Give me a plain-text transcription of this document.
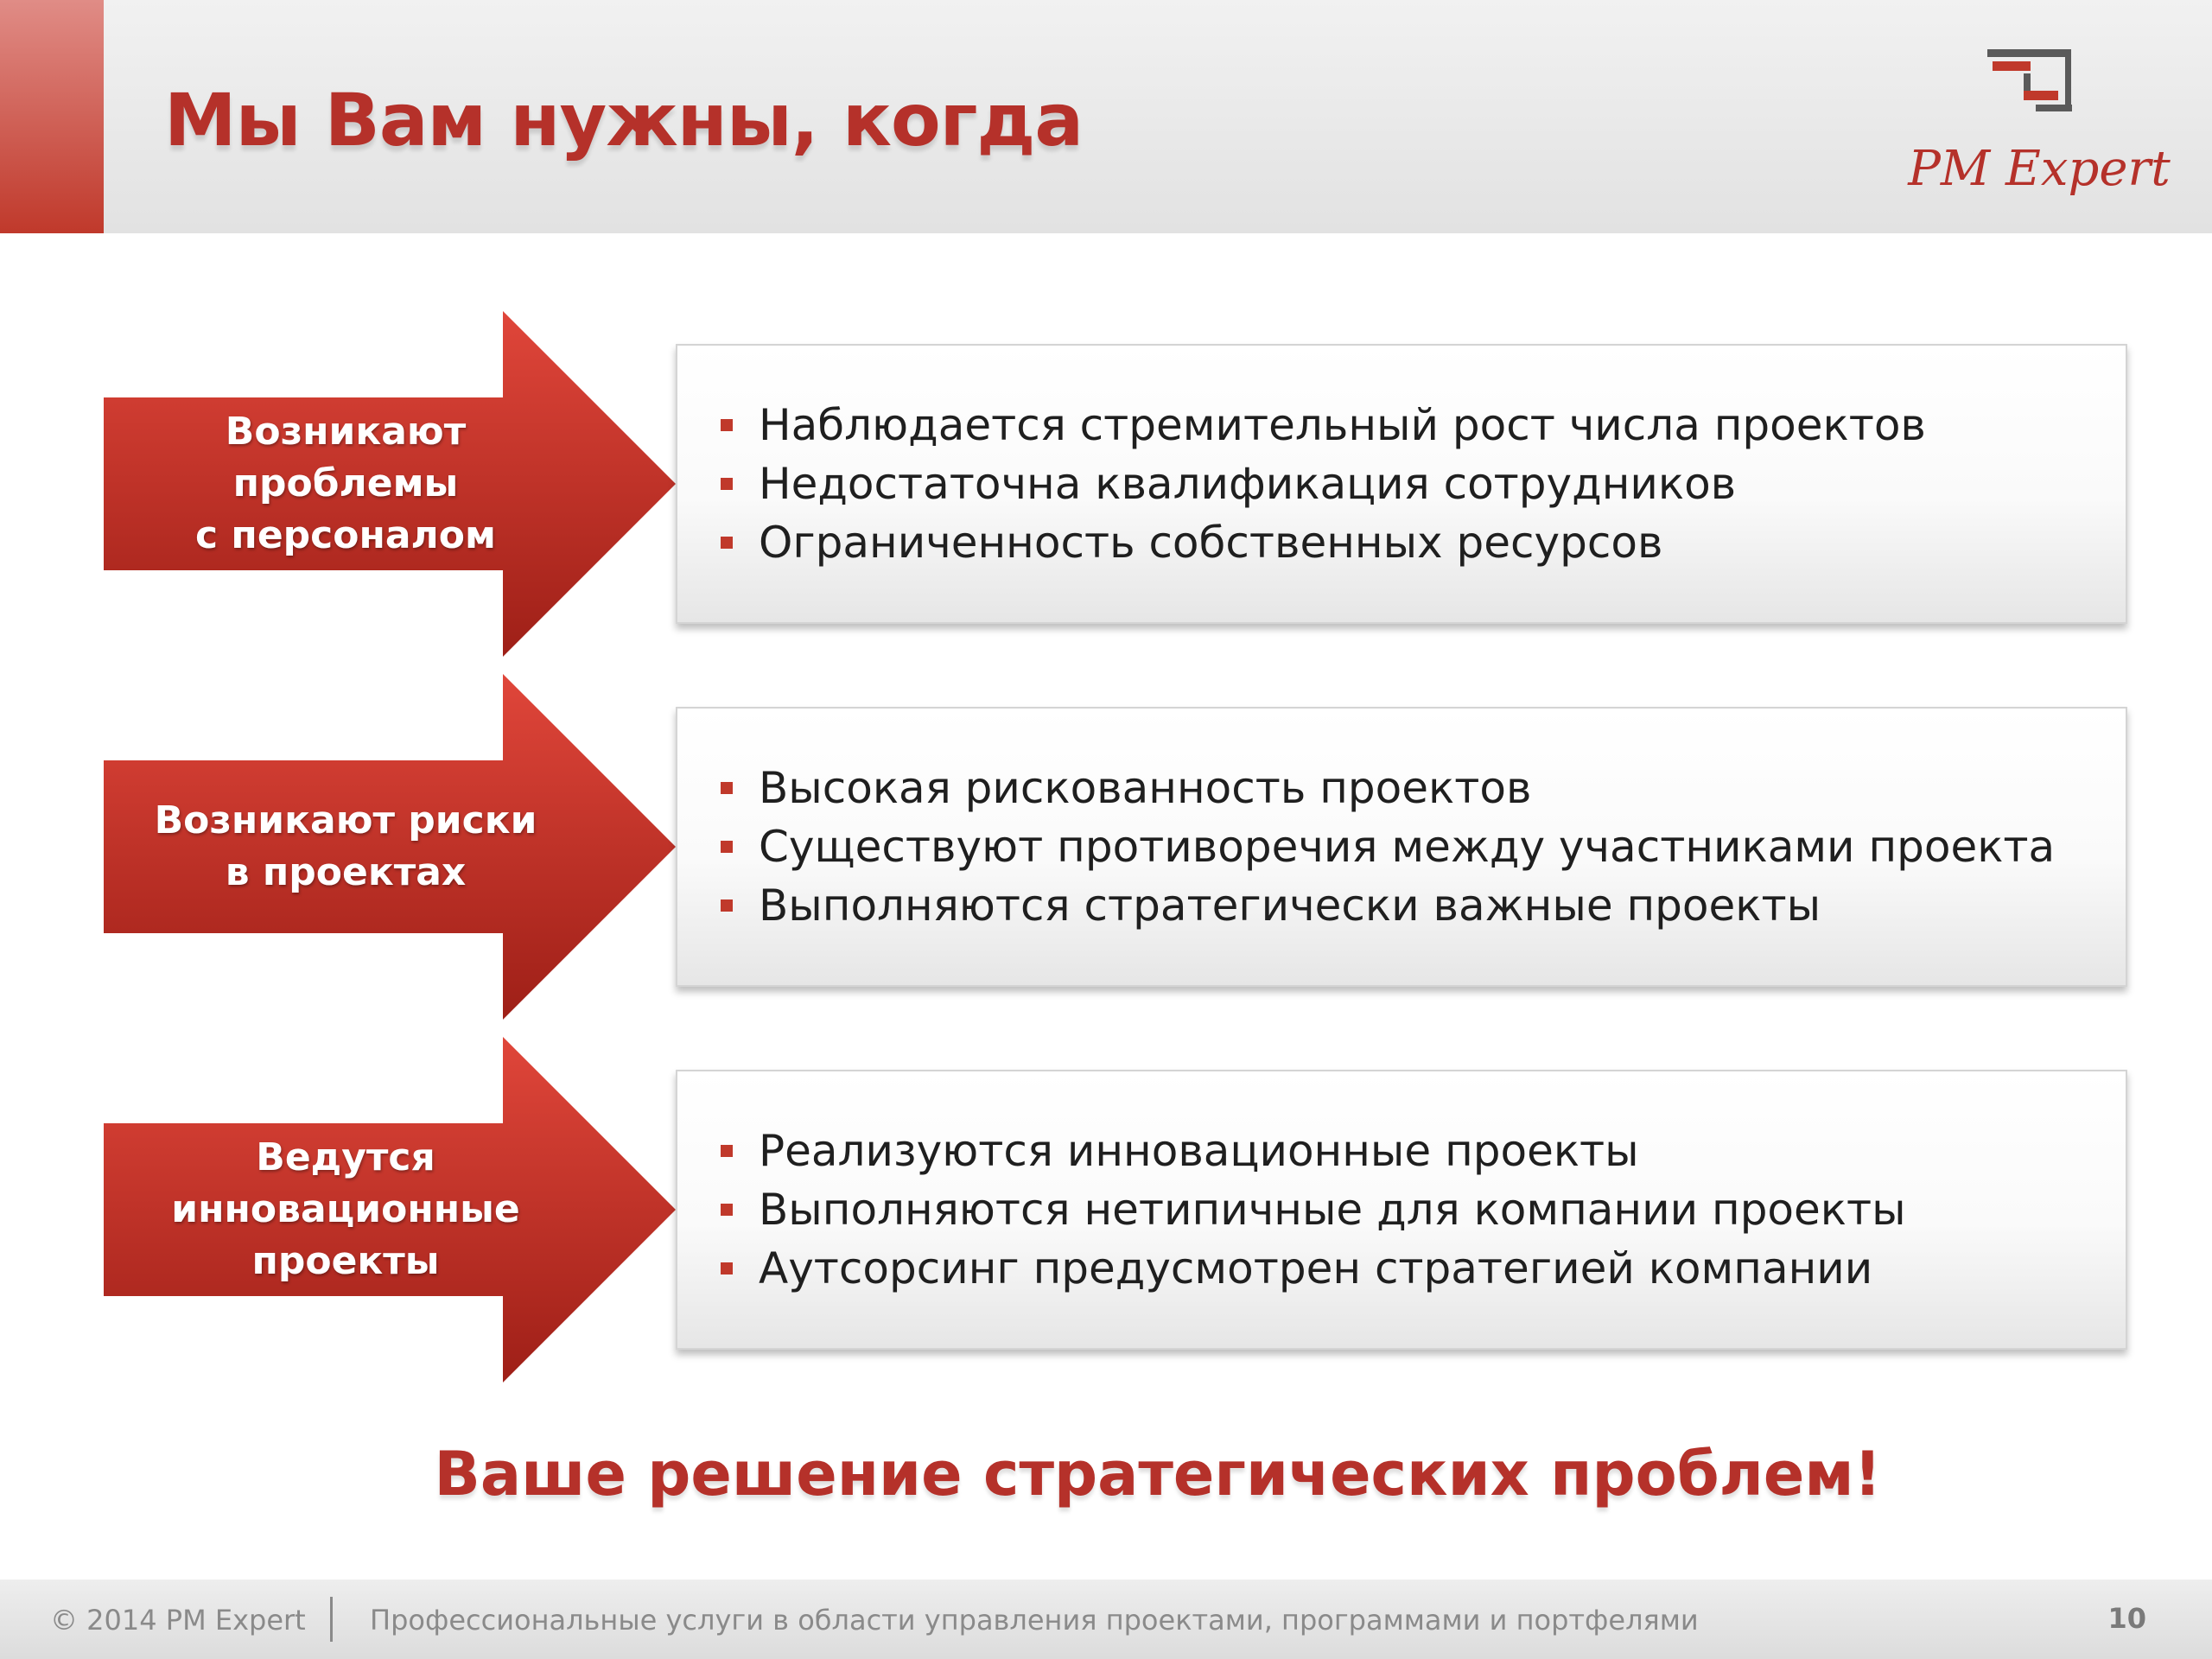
Мы Вам нужны, когда
PM Expert
Возникают
проблемы
с персоналом
Наблюдается стремительный рост числа проектов
Недостаточна квалификация сотрудников
Ограниченность собственных ресурсов
Возникают риски
в проектах
Высокая рискованность проектов
Существуют противоречия между участниками проекта
Выполняются стратегически важные проекты
Ведутся
инновационные
проекты
Реализуются инновационные проекты
Выполняются нетипичные для компании проекты
Аутсорсинг предусмотрен стратегией компании
Ваше решение стратегических проблем!
© 2014 PM Expert Профессиональные услуги в области управления проектами, программами и портфелями	10
